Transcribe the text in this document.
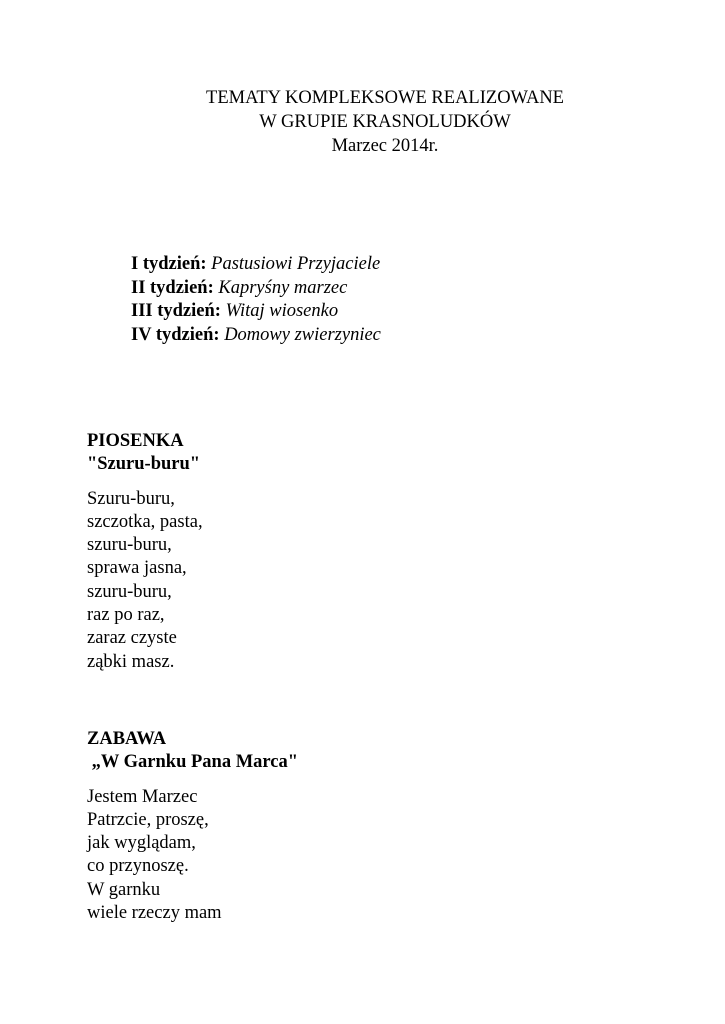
TEMATY KOMPLEKSOWE REALIZOWANE
W GRUPIE KRASNOLUDKÓW
Marzec 2014r.
I tydzień: Pastusiowi Przyjaciele
II tydzień: Kapryśny marzec
III tydzień: Witaj wiosenko
IV tydzień: Domowy zwierzyniec
PIOSENKA
"Szuru-buru"
Szuru-buru,
szczotka, pasta,
szuru-buru,
sprawa jasna,
szuru-buru,
raz po raz,
zaraz czyste
ząbki masz.
ZABAWA
„W Garnku Pana Marca"
Jestem Marzec
Patrzcie, proszę,
jak wyglądam,
co przynoszę.
W garnku
wiele rzeczy mam
